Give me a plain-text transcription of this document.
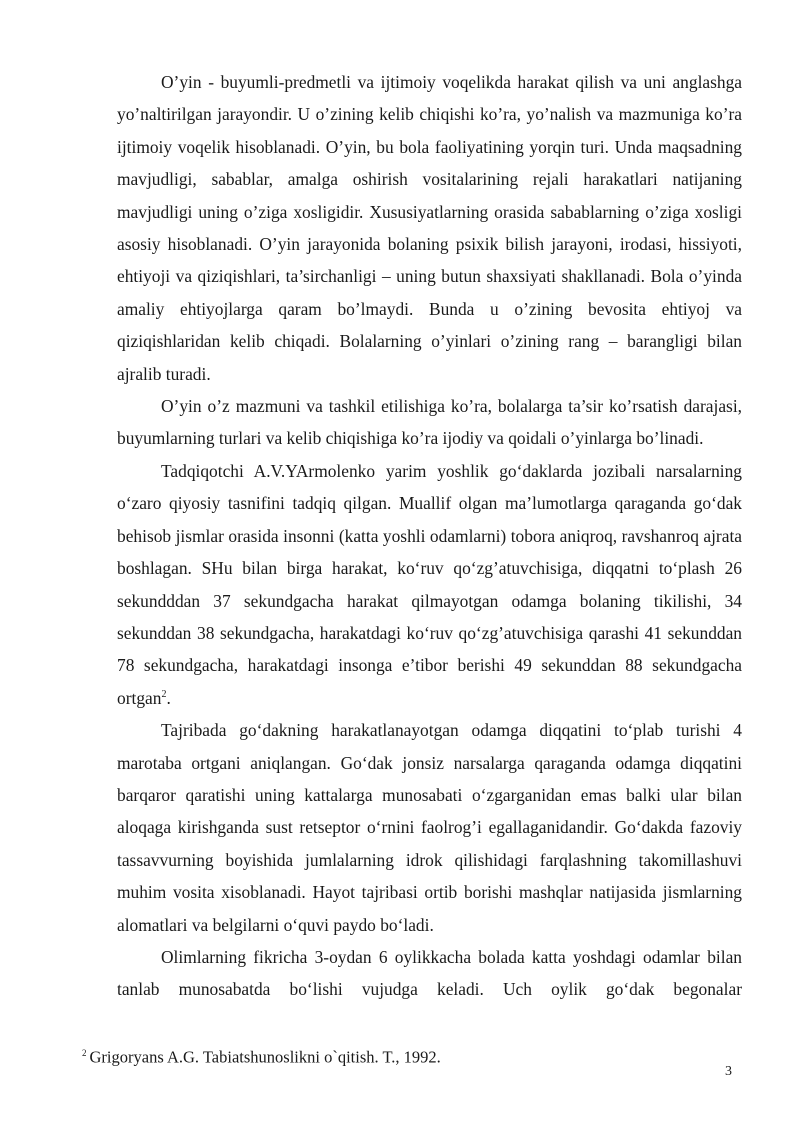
O’yin - buyumli-predmetli va ijtimoiy voqelikda harakat qilish va uni anglashga yo’naltirilgan jarayondir. U o’zining kelib chiqishi ko’ra, yo’nalish va mazmuniga ko’ra ijtimoiy voqelik hisoblanadi. O’yin, bu bola faoliyatining yorqin turi. Unda maqsadning mavjudligi, sabablar, amalga oshirish vositalarining rejali harakatlari natijaning mavjudligi uning o’ziga xosligidir. Xususiyatlarning orasida sabablarning o’ziga xosligi asosiy hisoblanadi. O’yin jarayonida bolaning psixik bilish jarayoni, irodasi, hissiyoti, ehtiyoji va qiziqishlari, ta’sirchanligi – uning butun shaxsiyati shakllanadi. Bola o’yinda amaliy ehtiyojlarga qaram bo’lmaydi. Bunda u o’zining bevosita ehtiyoj va qiziqishlaridan kelib chiqadi. Bolalarning o’yinlari o’zining rang – barangligi bilan ajralib turadi.

O’yin o’z mazmuni va tashkil etilishiga ko’ra, bolalarga ta’sir ko’rsatish darajasi, buyumlarning turlari va kelib chiqishiga ko’ra ijodiy va qoidali o’yinlarga bo’linadi.

Tadqiqotchi A.V.YArmolenko yarim yoshlik go‘daklarda jozibali narsalarning o‘zaro qiyosiy tasnifini tadqiq qilgan. Muallif olgan ma’lumotlarga qaraganda go‘dak behisob jismlar orasida insonni (katta yoshli odamlarni) tobora aniqroq, ravshanroq ajrata boshlagan. SHu bilan birga harakat, ko‘ruv qo‘zg’atuvchisiga, diqqatni to‘plash 26 sekundddan 37 sekundgacha harakat qilmayotgan odamga bolaning tikilishi, 34 sekunddan 38 sekundgacha, harakatdagi ko‘ruv qo‘zg’atuvchisiga qarashi 41 sekunddan 78 sekundgacha, harakatdagi insonga e’tibor berishi 49 sekunddan 88 sekundgacha ortgan$^2$.

Tajribada go‘dakning harakatlanayotgan odamga diqqatini to‘plab turishi 4 marotaba ortgani aniqlangan. Go‘dak jonsiz narsalarga qaraganda odamga diqqatini barqaror qaratishi uning kattalarga munosabati o‘zgarganidan emas balki ular bilan aloqaga kirishganda sust retseptor o‘rnini faolrog’i egallaganidandir. Go‘dakda fazoviy tassavvurning boyishida jumlalarning idrok qilishidagi farqlashning takomillashuvi muhim vosita xisoblanadi. Hayot tajribasi ortib borishi mashqlar natijasida jismlarning alomatlari va belgilarni o‘quvi paydo bo‘ladi.

Olimlarning fikricha 3-oydan 6 oylikkacha bolada katta yoshdagi odamlar bilan tanlab munosabatda bo‘lishi vujudga keladi. Uch oylik go‘dak begonalar

$^2$ Grigoryans A.G. Tabiatshunoslikni o`qitish. T., 1992.
3
